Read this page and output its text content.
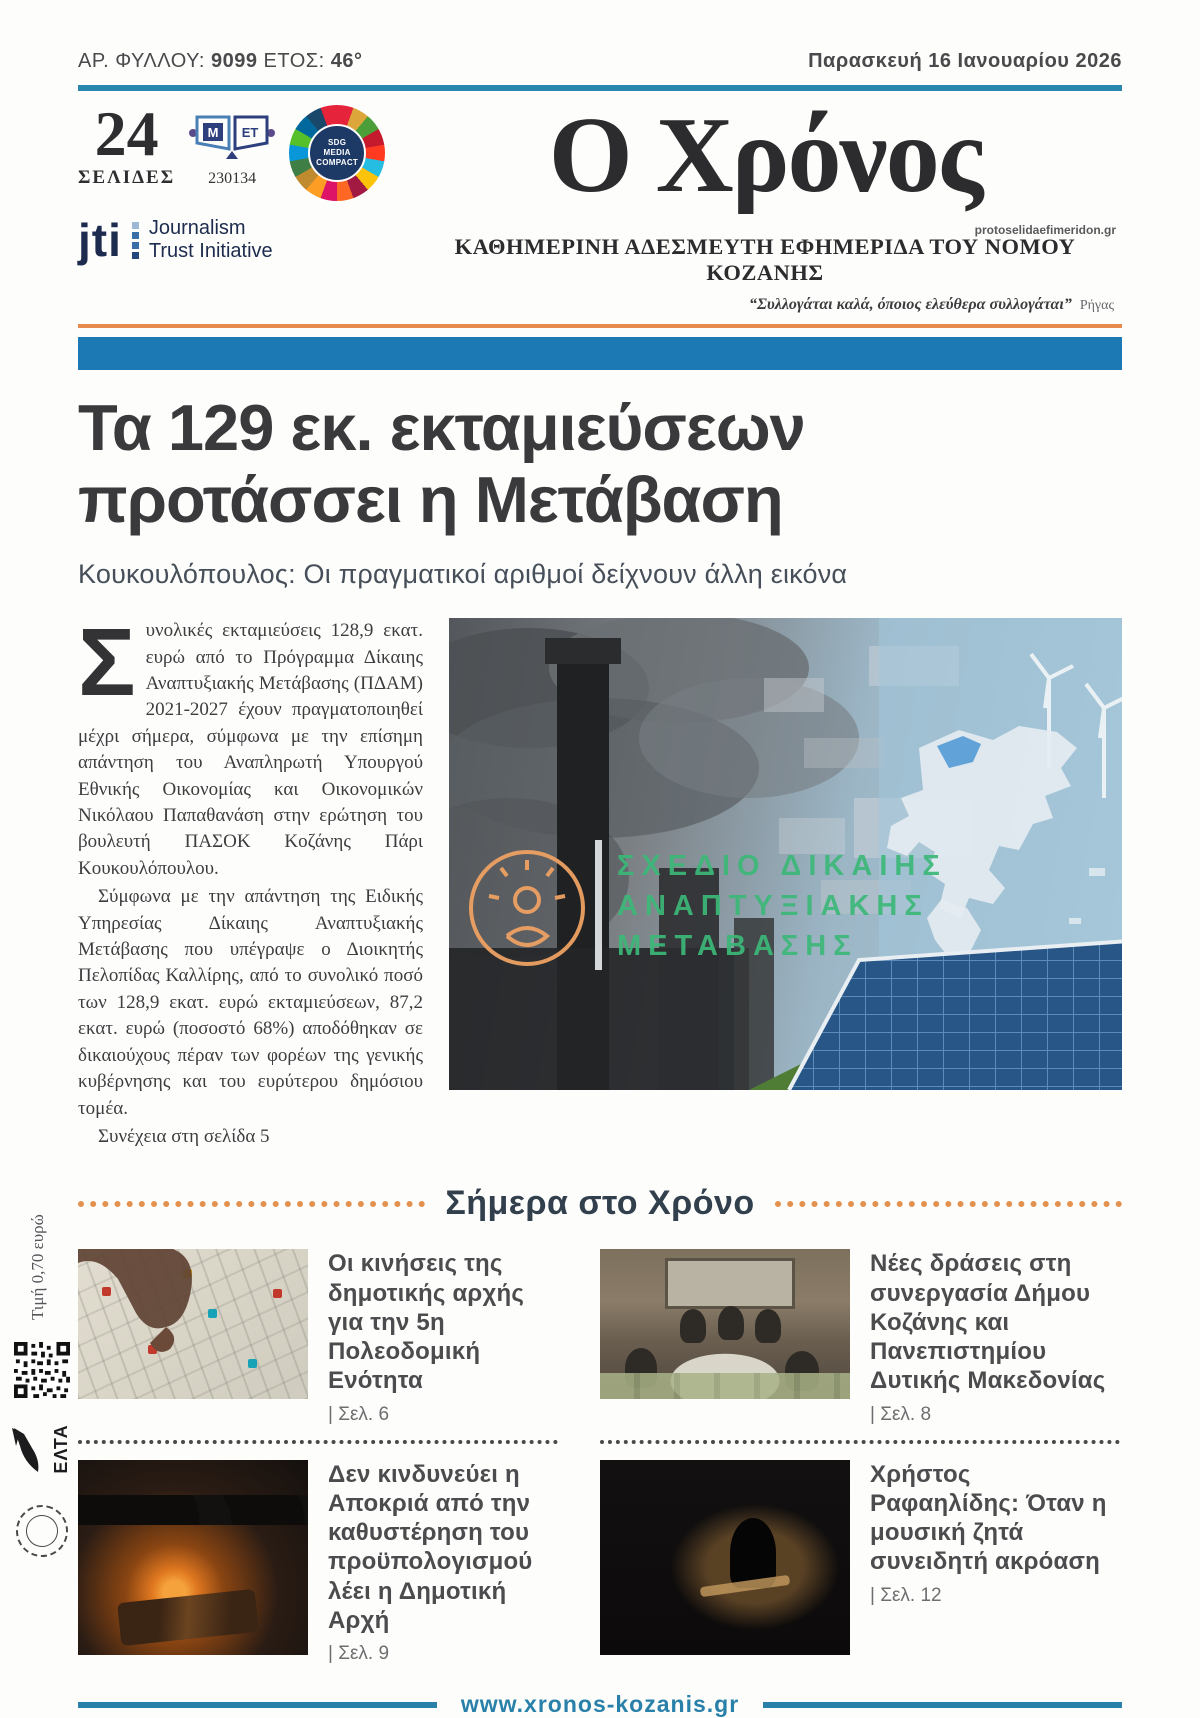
ΑΡ. ΦΥΛΛΟΥ: 9099 ΕΤΟΣ: 46°	Παρασκευή 16 Ιανουαρίου 2026
24
ΣΕΛΙΔΕΣ
M ET
230134
SDG
MEDIA
COMPACT
jti Journalism
Trust Initiative
Ο Χρόνος
protoselidaefimeridon.gr
ΚΑΘΗΜΕΡΙΝΗ ΑΔΕΣΜΕΥΤΗ ΕΦΗΜΕΡΙΔΑ ΤΟΥ ΝΟΜΟΥ ΚΟΖΑΝΗΣ
“Συλλογάται καλά, όποιος ελεύθερα συλλογάται” Ρήγας
Τα 129 εκ. εκταμιεύσεων
προτάσσει η Μετάβαση
Κουκουλόπουλος: Οι πραγματικοί αριθμοί δείχνουν άλλη εικόνα

Συνολικές εκταμιεύσεις 128,9 εκατ. ευρώ από το Πρόγραμμα Δίκαιης Αναπτυξιακής Μετάβασης (ΠΔΑΜ) 2021-2027 έχουν πραγματοποιηθεί μέχρι σήμερα, σύμφωνα με την επίσημη απάντηση του Αναπληρωτή Υπουργού Εθνικής Οικονομίας και Οικονομικών Νικόλαου Παπαθανάση στην ερώτηση του βουλευτή ΠΑΣΟΚ Κοζάνης Πάρι Κουκουλόπουλου.

Σύμφωνα με την απάντηση της Ειδικής Υπηρεσίας Δίκαιης Αναπτυξιακής Μετάβασης που υπέγραψε ο Διοικητής Πελοπίδας Καλλίρης, από το συνολικό ποσό των 128,9 εκατ. ευρώ εκταμιεύσεων, 87,2 εκατ. ευρώ (ποσοστό 68%) αποδόθηκαν σε δικαιούχους πέραν των φορέων της γενικής κυβέρνησης και του ευρύτερου δημόσιου τομέα.

Συνέχεια στη σελίδα 5

ΣΧΕΔΙΟ ΔΙΚΑΙΗΣ
ΑΝΑΠΤΥΞΙΑΚΗΣ
ΜΕΤΑΒΑΣΗΣ
Σήμερα στο Χρόνο
Οι κινήσεις της δημοτικής αρχής για την 5η Πολεοδομική Ενότητα
| Σελ. 6
Δεν κινδυνεύει η Αποκριά από την καθυστέρηση του προϋπολογισμού λέει η Δημοτική Αρχή
| Σελ. 9
Νέες δράσεις στη συνεργασία Δήμου Κοζάνης και Πανεπιστημίου Δυτικής Μακεδονίας
| Σελ. 8
Χρήστος Ραφαηλίδης: Όταν η μουσική ζητά συνειδητή ακρόαση
| Σελ. 12
www.xronos-kozanis.gr
Τιμή 0,70 ευρώ
ΕΛΤΑ
